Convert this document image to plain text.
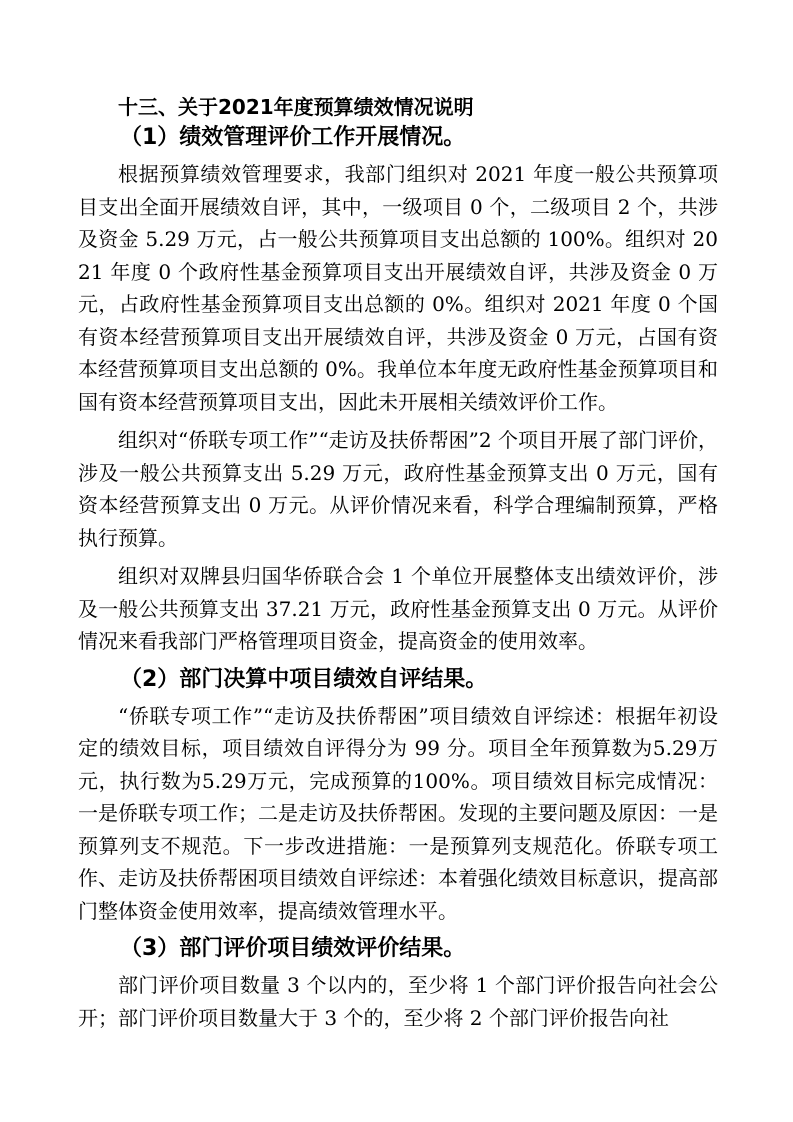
十三、关于2021年度预算绩效情况说明
（1）绩效管理评价工作开展情况。

根据预算绩效管理要求，我部门组织对 2021 年度一般公共预算项目支出全面开展绩效自评，其中，一级项目 0 个，二级项目 2 个，共涉及资金 5.29 万元，占一般公共预算项目支出总额的 100%。组织对 2021 年度 0 个政府性基金预算项目支出开展绩效自评，共涉及资金 0 万元，占政府性基金预算项目支出总额的 0%。组织对 2021 年度 0 个国有资本经营预算项目支出开展绩效自评，共涉及资金 0 万元，占国有资本经营预算项目支出总额的 0%。我单位本年度无政府性基金预算项目和国有资本经营预算项目支出，因此未开展相关绩效评价工作。

组织对“侨联专项工作”“走访及扶侨帮困”2 个项目开展了部门评价，涉及一般公共预算支出 5.29 万元，政府性基金预算支出 0 万元，国有资本经营预算支出 0 万元。从评价情况来看，科学合理编制预算，严格执行预算。

组织对双牌县归国华侨联合会 1 个单位开展整体支出绩效评价，涉及一般公共预算支出 37.21 万元，政府性基金预算支出 0 万元。从评价情况来看我部门严格管理项目资金，提高资金的使用效率。

（2）部门决算中项目绩效自评结果。

“侨联专项工作”“走访及扶侨帮困”项目绩效自评综述：根据年初设定的绩效目标，项目绩效自评得分为 99 分。项目全年预算数为5.29万元，执行数为5.29万元，完成预算的100%。项目绩效目标完成情况：一是侨联专项工作；二是走访及扶侨帮困。发现的主要问题及原因：一是预算列支不规范。下一步改进措施：一是预算列支规范化。侨联专项工作、走访及扶侨帮困项目绩效自评综述：本着强化绩效目标意识，提高部门整体资金使用效率，提高绩效管理水平。

（3）部门评价项目绩效评价结果。

部门评价项目数量 3 个以内的，至少将 1 个部门评价报告向社会公开；部门评价项目数量大于 3 个的，至少将 2 个部门评价报告向社
